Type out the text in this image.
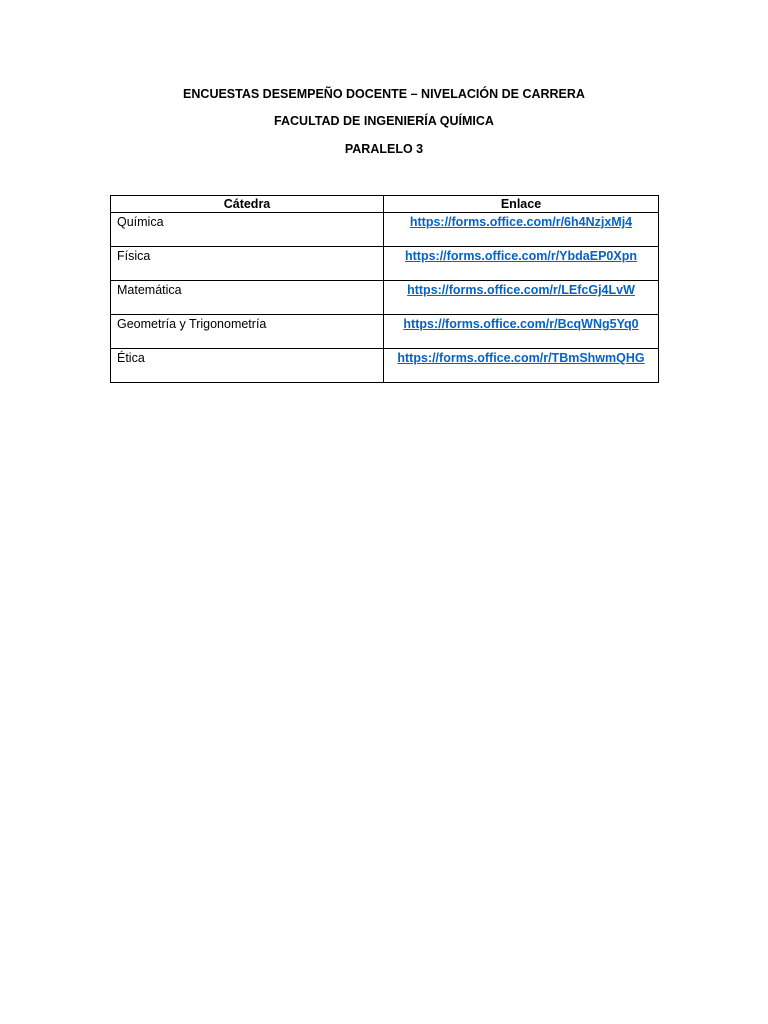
ENCUESTAS DESEMPEÑO DOCENTE – NIVELACIÓN DE CARRERA
FACULTAD DE INGENIERÍA QUÍMICA
PARALELO 3
Cátedra	Enlace
Química	https://forms.office.com/r/6h4NzjxMj4
Física	https://forms.office.com/r/YbdaEP0Xpn
Matemática	https://forms.office.com/r/LEfcGj4LvW
Geometría y Trigonometría	https://forms.office.com/r/BcqWNg5Yq0
Ética	https://forms.office.com/r/TBmShwmQHG
